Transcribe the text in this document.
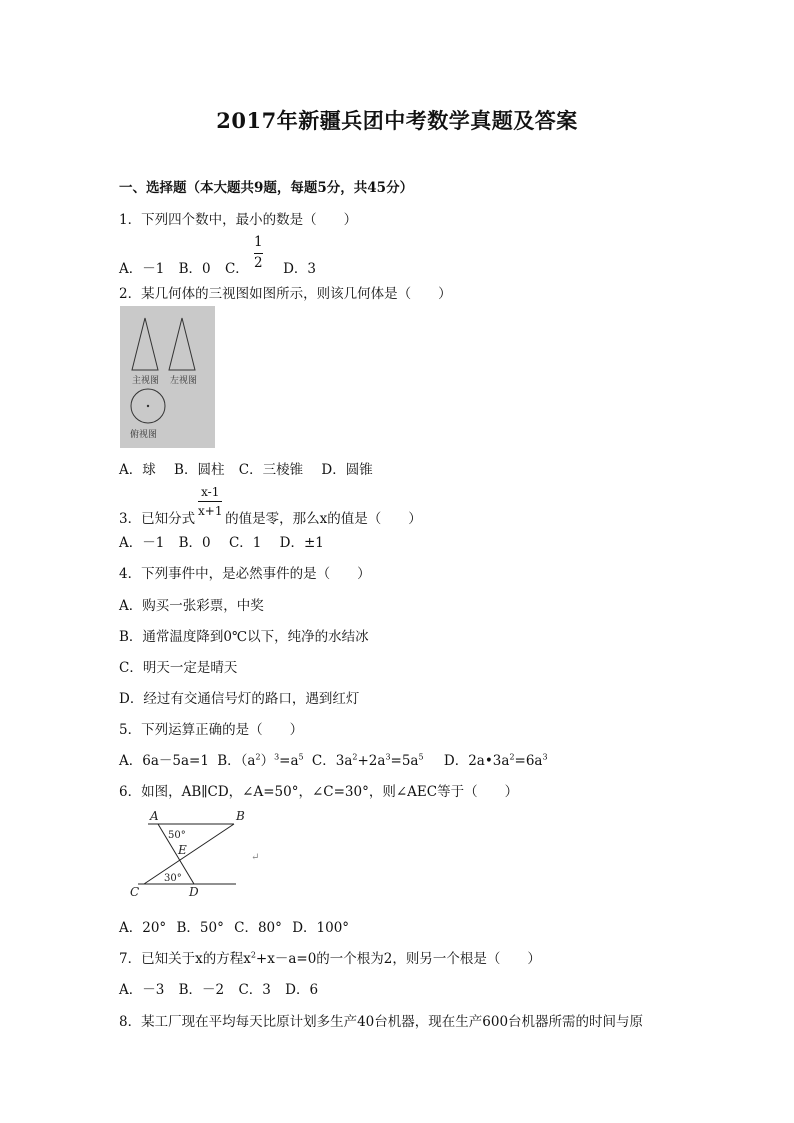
2017年新疆兵团中考数学真题及答案
一、选择题（本大题共9题，每题5分，共45分）
1．下列四个数中，最小的数是（　　）
1
2
A．－1 B．0 C．	D．3
2．某几何体的三视图如图所示，则该几何体是（　　）
主视图 左视图
俯视图
A．球 B．圆柱 C．三棱锥 D．圆锥
x-1
x+1
3．已知分式 的值是零，那么x的值是（　　）
A．－1 B．0 C．1 D．±1
4．下列事件中，是必然事件的是（　　）
A．购买一张彩票，中奖
B．通常温度降到0℃以下，纯净的水结冰
C．明天一定是晴天
D．经过有交通信号灯的路口，遇到红灯
5．下列运算正确的是（　　）
A．6a－5a=1 B．$(a^2)^3=a^5$ C．$3a^2+2a^3=5a^5$ D．$2a•3a^2=6a^3$
6．如图，AB∥CD，∠A=50°，∠C=30°，则∠AEC等于（　　）
A	B
C	D
E
50°
30°
↵
A．20° B．50° C．80° D．100°
7．已知关于x的方程$x^2+x-a=0$的一个根为2，则另一个根是（　　）
A．－3 B．－2 C．3 D．6
8．某工厂现在平均每天比原计划多生产40台机器，现在生产600台机器所需的时间与原
